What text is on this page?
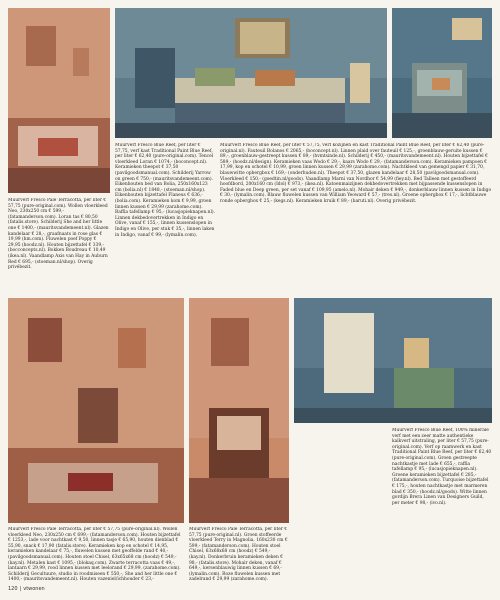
Muurverf Fresco Pale Terracotta, per liter € 57,75 (pure-original.com). Wollen vloerkleed Neo, 230x250 cm € 599,- (fatamanderson.com). Loran tas € 80,50 (fatalis.store). Schilderij She and her little one € 1400,- (mauritsvandemeent.nl). Glazen kandelaar € 28,-, graafnaats in rose glas € 19,99 (hm.com). Fluwelen poef Poppy € 29,95 (hoodz.nl). Houten bijzettafel € 339,- (bocconcepts.nl). Bokken Boudreau € 10,49 (ikea.nl). Vaandlamp Axis van Hay in Auburn Red € 695,- (stoeman.nl/shop). Overig privébezit.
Muurverf Fresco Blue Reef, per liter € 57,75, verf kast Traditional Paint Blue Reef, per liter € 62,40 (pure-original.com). Tencel vloerkleed Loran € 1074,- (boconcept.nl). Keramieken theepot € 37,50 (pavilgoodsmanual.com). Schilderij Yarrow on green € 750,- (mauritsvandemeent.com). Eikenhouten bed van Bolia, 250x160x123 cm (bolia.nl) € 1848,- (stoeman.nl/shop). Eikenhouten bijzettafel Flaneus € 636,- (bolia.com). Keramieken kom € 9,99, groen linnen kussen € 29,99 (zarahome.com). Baffia tafellamp € 95,- (lucasjopieknapen.nl). Linnen dekbedovertrekken in Indigo en Olive, vanaf € 155,-, linnen kussenslopen in Indigo en Olive, per stuk € 35,-, linnen laken in Indigo, vanaf € 99,- (lymalin.com).
Muurverf Fresco Blue Reef, per liter € 57,75, verf kozijnen en kast Traditional Paint Blue Reef, per liter € 62,40 (pure-original.nl). Fauteuil Bolanos € 2065,- (boconcept.nl). Linnen plaid over fauteuil € 125,-, groenblauw-geruite kussen € 89,-, groenblauw-gestreept kussen € 89,- (hvmtsinde.nl). Schilderij € 450,- (mauritsvandemeent.nl). Houten bijzettafel € 589,- (hoodz.nl/design). Keramieken vaas Wodo € 29,-, kaars Wodo € 29,- (fatamanderson.com). Keramieken pampoen € 17,99, kop en schotel € 10,99, groen linnen kussen € 29,99 (zarahome.com). Nachtkleed van gemengd papier € 31,70, blauwwitte opbergbox € 169,- (onderhuden.nl). Theepot € 37,50, glazen kandelaar € 28,50 (pavilgoodsmanual.com). Vloerkleed € 150,- (goedtin.nl/goods). Vaandlamp Marni van Nordhor € 54,99 (fiey.nl). Bed Talleen met gestoffeerd hoofdbord, 200x160 cm (Idol) € 973,- (ikea.nl). Katoenmaizijnen dekbedovertrekken met bijpassende kussenslopen in Faded blue en Deep green, per set vanaf € 109,95 (amelo.nl). Mohair deken € 949,-, donkerblauw linnen kussen in Indigo € 30,- (lymalin.com). Blauw fluwelen kussen van William Yeoward € 57,- (tres.nl). Groene opbergbox € 17,-, lichtblauwe ronde opbergbox € 25,- (kegs.nl). Keramieken kruik € 89,- (baruti.nl). Overig privébezit.
Muurverf Fresco Pale Terracotta, per liter € 57,75 (pure-original.nl). Wollen vloerkleed Neo, 230x250 cm € 699,- (fatamanderson.com). Houten bijzettafel € 1253,-, lade voor nachtkast € 9,50, linnen tasje € 65,90, houten dienblad € 55,90, snack € 17,90 (fatalis.store). Keramieken kop en schotel € 14,95, keramieken kandelaar € 75,-, fluwelen kussen met geoffelde rand € 40,- (pavilgoodsmanual.com). Houten stoel Chisel, 63x65x68 cm (hoodz) € 549,- (kay.nl). Metalen kast € 1095,- (blokaq.com). Zwarte terracotta vaas € 49,-, lantaarn € 29,99, rood linnen kussen met leelorand € 29,99, (zarahome.com). Schilderij Gecultuure, studio in roodmiseen € 550,-, She and her little one € 1400,- (mauritsvandemeent.nl). Houten vazeniel/ichhouder € 23,-
Muurverf Fresco Pale Terracotta, per liter € 57,75 (pure-original.nl). Groen stoffeerde vloerkleed Terry in Magnolia, 160x230 cm € 599,- (fatamanderson.com). Houten stoel Chisel, 63x68x68 cm (hoodz) € 549,- (kay.nl). Donkerbruin keramieken deken € 98,- (fatalis.store). Mohair deken, vanaf € 649,-, kersenblauwig linnen kussen € 69,- (lymalin.com). Roze fluwelen kussen met zadelrand € 29,99 (zarahome.com).
Muurverf Fresco Blue Reef, 100% minerale verf met een zeer matte authentieke kalkverf uitstraling, per liter € 57,75 (pure-original.com). Verf op raamwerk en kast Traditional Paint Blue Reef, per liter € 62,40 (pure-original.com). Groen gestreepte nachtkastje met lade € 655,-, raffia tafellamp € 95,- (lucasjopieknapen.nl). Groene keramieken bijzettafel € 285,- (fatamanderson.com). Turquoise bijzettafel € 175,-, houten nachtkastje met marmeren blad € 350,- (hoodz.nl/goods). Witte linnen gordijn Brera Linen van Designers Guild, per meter € 98,- (ivo.nl).
120 | vtwonen
